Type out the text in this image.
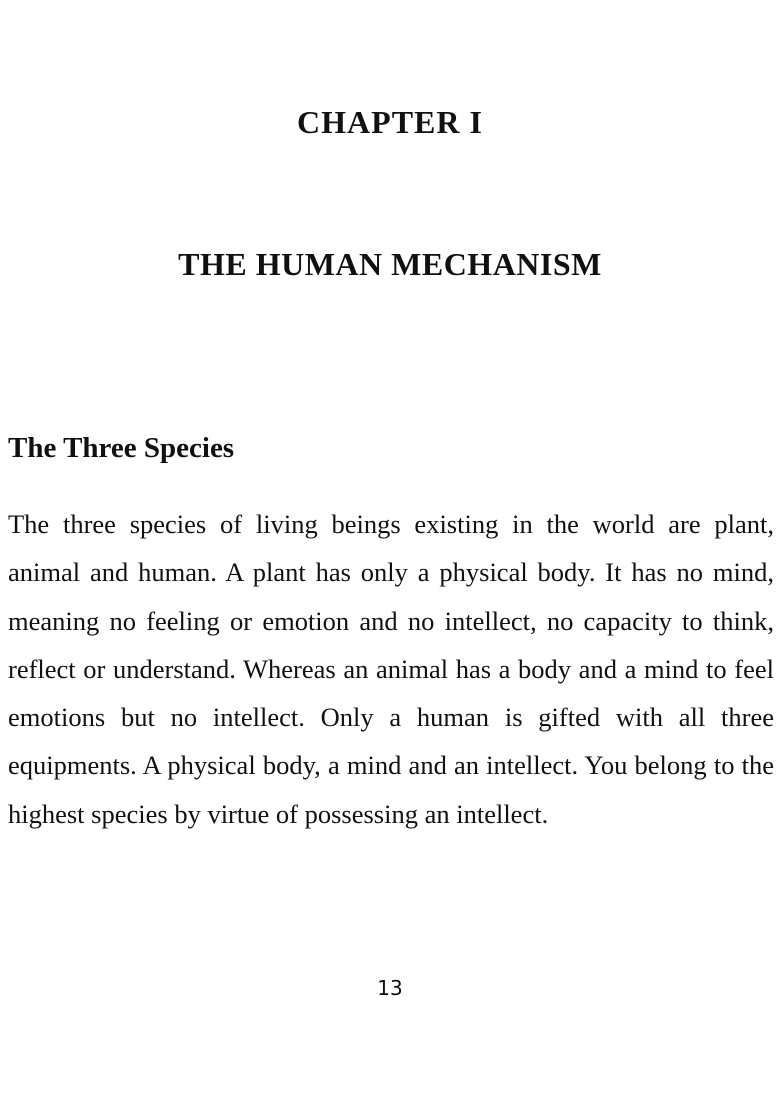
CHAPTER I
THE HUMAN MECHANISM
The Three Species

The three species of living beings existing in the world are plant, animal and human. A plant has only a physical body. It has no mind, meaning no feeling or emotion and no intellect, no capacity to think, reflect or understand. Whereas an animal has a body and a mind to feel emotions but no intellect. Only a human is gifted with all three equipments. A physical body, a mind and an intellect. You belong to the highest species by virtue of possessing an intellect.

13
